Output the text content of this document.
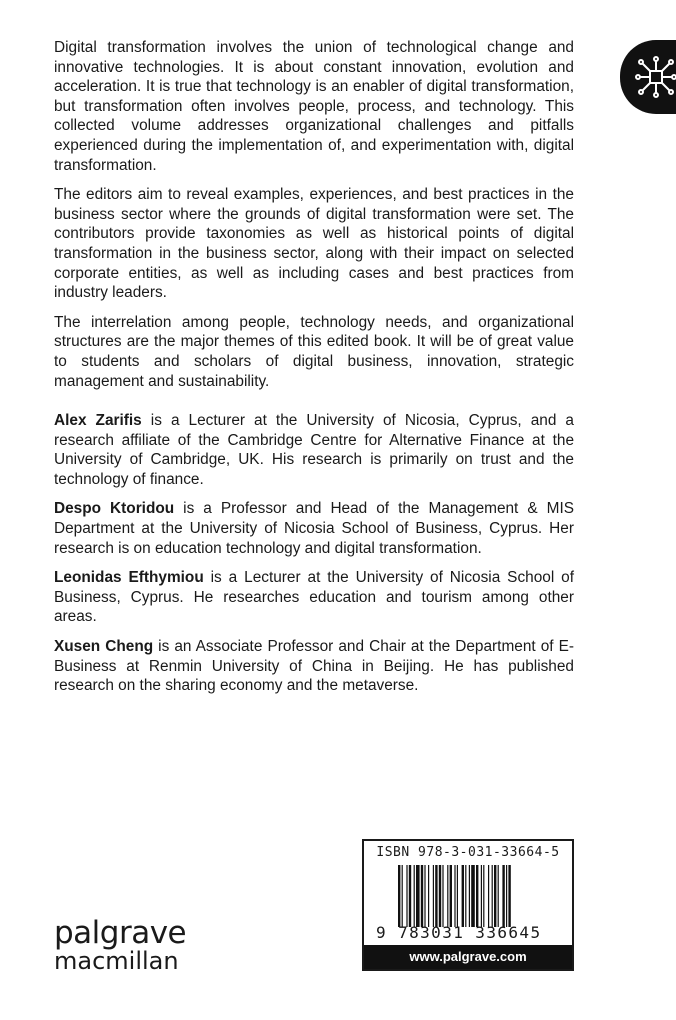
Digital transformation involves the union of technological change and innovative technologies. It is about constant innovation, evolution and acceleration. It is true that technology is an enabler of digital transformation, but transformation often involves people, process, and technology. This collected volume addresses organizational challenges and pitfalls experienced during the implementation of, and experimentation with, digital transformation.

The editors aim to reveal examples, experiences, and best practices in the business sector where the grounds of digital transformation were set. The contributors provide taxonomies as well as historical points of digital transformation in the business sector, along with their impact on selected corporate entities, as well as including cases and best practices from industry leaders.

The interrelation among people, technology needs, and organizational structures are the major themes of this edited book. It will be of great value to students and scholars of digital business, innovation, strategic management and sustainability.

Alex Zarifis is a Lecturer at the University of Nicosia, Cyprus, and a research affiliate of the Cambridge Centre for Alternative Finance at the University of Cambridge, UK. His research is primarily on trust and the technology of finance.

Despo Ktoridou is a Professor and Head of the Management & MIS Department at the University of Nicosia School of Business, Cyprus. Her research is on education technology and digital transformation.

Leonidas Efthymiou is a Lecturer at the University of Nicosia School of Business, Cyprus. He researches education and tourism among other areas.

Xusen Cheng is an Associate Professor and Chair at the Department of E-Business at Renmin University of China in Beijing. He has published research on the sharing economy and the metaverse.

palgrave
macmillan
ISBN 978-3-031-33664-5
9 783031 336645
www.palgrave.com
